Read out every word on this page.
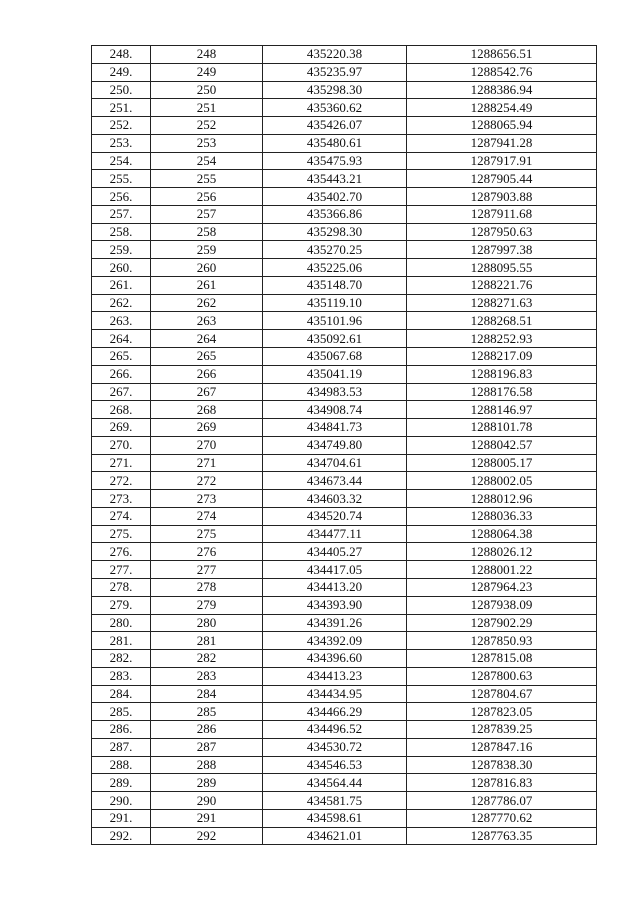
248.	248	435220.38	1288656.51
249.	249	435235.97	1288542.76
250.	250	435298.30	1288386.94
251.	251	435360.62	1288254.49
252.	252	435426.07	1288065.94
253.	253	435480.61	1287941.28
254.	254	435475.93	1287917.91
255.	255	435443.21	1287905.44
256.	256	435402.70	1287903.88
257.	257	435366.86	1287911.68
258.	258	435298.30	1287950.63
259.	259	435270.25	1287997.38
260.	260	435225.06	1288095.55
261.	261	435148.70	1288221.76
262.	262	435119.10	1288271.63
263.	263	435101.96	1288268.51
264.	264	435092.61	1288252.93
265.	265	435067.68	1288217.09
266.	266	435041.19	1288196.83
267.	267	434983.53	1288176.58
268.	268	434908.74	1288146.97
269.	269	434841.73	1288101.78
270.	270	434749.80	1288042.57
271.	271	434704.61	1288005.17
272.	272	434673.44	1288002.05
273.	273	434603.32	1288012.96
274.	274	434520.74	1288036.33
275.	275	434477.11	1288064.38
276.	276	434405.27	1288026.12
277.	277	434417.05	1288001.22
278.	278	434413.20	1287964.23
279.	279	434393.90	1287938.09
280.	280	434391.26	1287902.29
281.	281	434392.09	1287850.93
282.	282	434396.60	1287815.08
283.	283	434413.23	1287800.63
284.	284	434434.95	1287804.67
285.	285	434466.29	1287823.05
286.	286	434496.52	1287839.25
287.	287	434530.72	1287847.16
288.	288	434546.53	1287838.30
289.	289	434564.44	1287816.83
290.	290	434581.75	1287786.07
291.	291	434598.61	1287770.62
292.	292	434621.01	1287763.35
